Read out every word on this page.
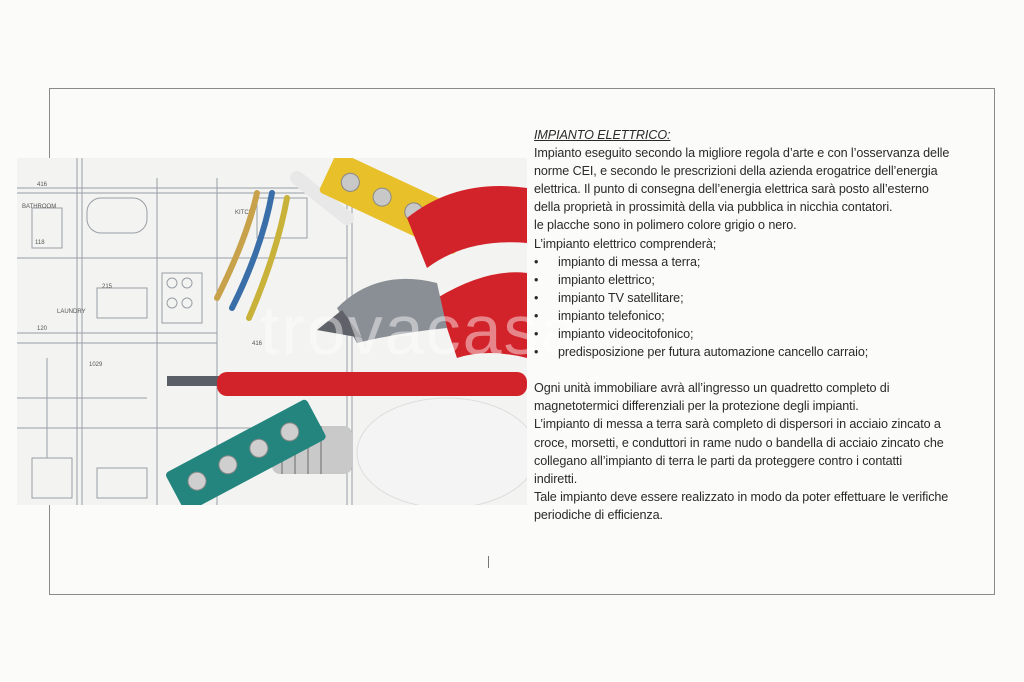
416
BATHROOM
KITCH
LAUNDRY
215
416
1029
120
118
trovacasa

IMPIANTO ELETTRICO:

Impianto eseguito secondo la migliore regola d’arte e con l’osservanza delle

norme CEI, e secondo le prescrizioni della azienda erogatrice dell’energia

elettrica. Il punto di consegna dell’energia elettrica sarà posto all’esterno

della proprietà in prossimità della via pubblica in nicchia contatori.

le placche sono in polimero colore grigio o nero.

L’impianto elettrico comprenderà;

• impianto di messa a terra;
• impianto elettrico;
• impianto TV satellitare;
• impianto telefonico;
• impianto videocitofonico;
• predisposizione per futura automazione cancello carraio;

Ogni unità immobiliare avrà all’ingresso un quadretto completo di

magnetotermici differenziali per la protezione degli impianti.

L’impianto di messa a terra sarà completo di dispersori in acciaio zincato a

croce, morsetti, e conduttori in rame nudo o bandella di acciaio zincato che

collegano all’impianto di terra le parti da proteggere contro i contatti

indiretti.

Tale impianto deve essere realizzato in modo da poter effettuare le verifiche

periodiche di efficienza.
